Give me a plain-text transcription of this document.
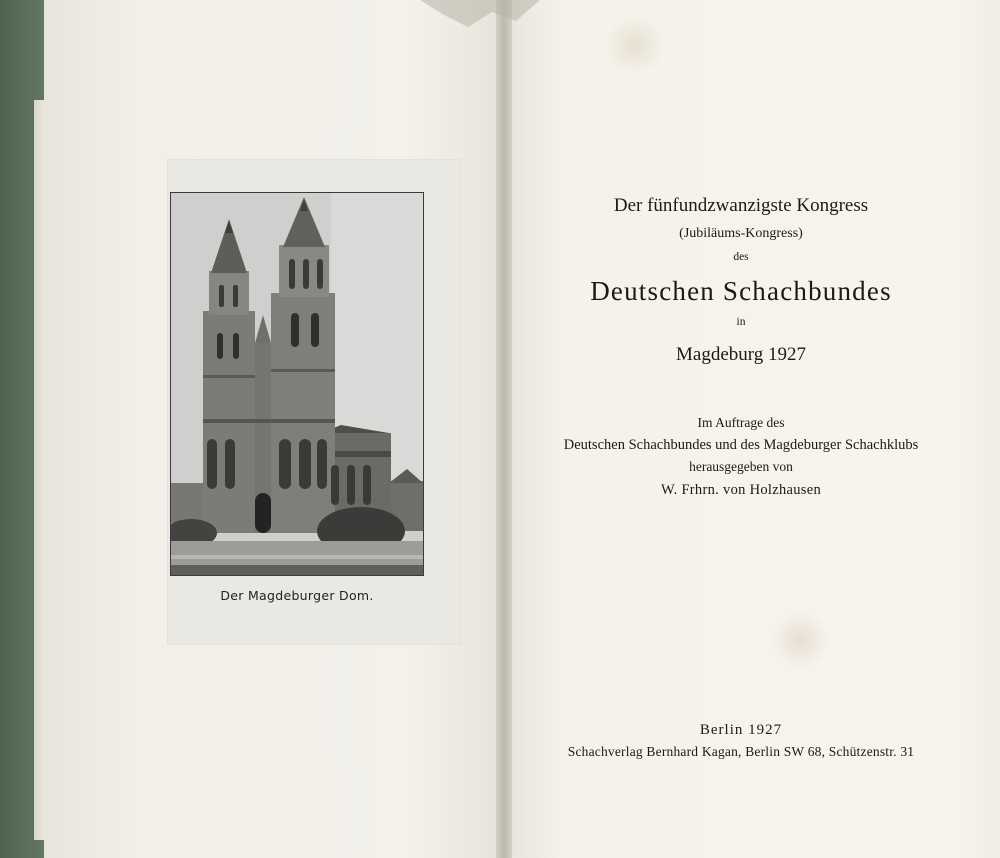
Der Magdeburger Dom.
Der fünfundzwanzigste Kongress
(Jubiläums-Kongress)
des
Deutschen Schachbundes
in
Magdeburg 1927
Im Auftrage des
Deutschen Schachbundes und des Magdeburger Schachklubs
herausgegeben von
W. Frhrn. von Holzhausen
Berlin 1927
Schachverlag Bernhard Kagan, Berlin SW 68, Schützenstr. 31
